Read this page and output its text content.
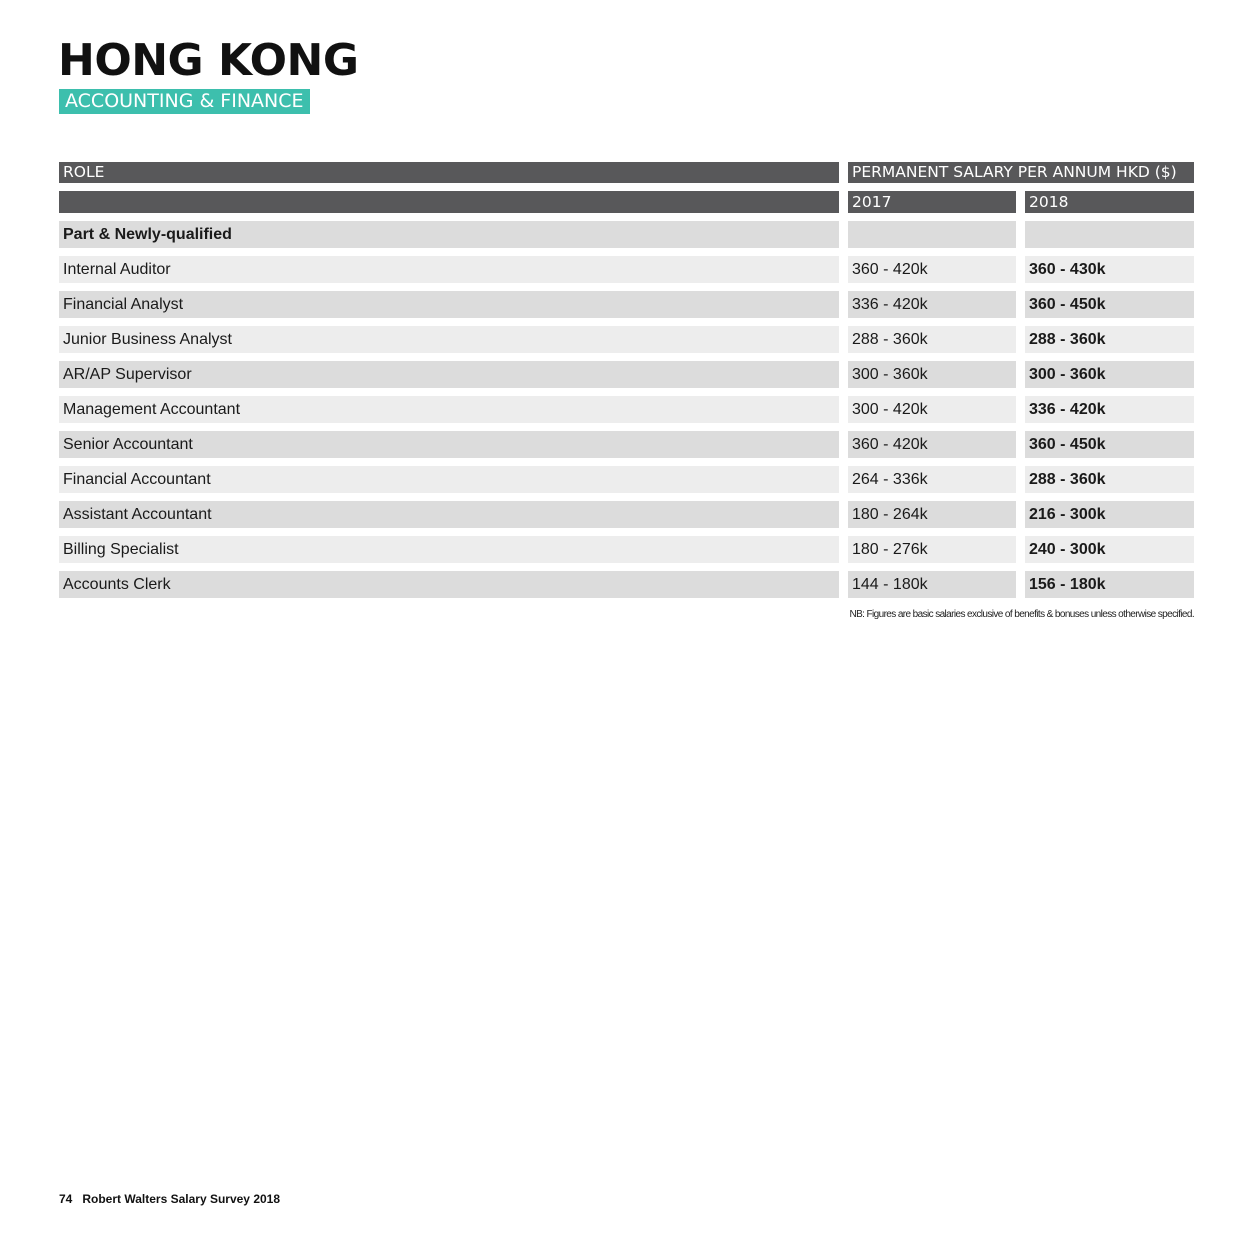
HONG KONG
ACCOUNTING & FINANCE
ROLE	PERMANENT SALARY PER ANNUM HKD ($)
2017	2018
Part & Newly-qualified
Internal Auditor	360 - 420k	360 - 430k
Financial Analyst	336 - 420k	360 - 450k
Junior Business Analyst	288 - 360k	288 - 360k
AR/AP Supervisor	300 - 360k	300 - 360k
Management Accountant	300 - 420k	336 - 420k
Senior Accountant	360 - 420k	360 - 450k
Financial Accountant	264 - 336k	288 - 360k
Assistant Accountant	180 - 264k	216 - 300k
Billing Specialist	180 - 276k	240 - 300k
Accounts Clerk	144 - 180k	156 - 180k
NB: Figures are basic salaries exclusive of benefits & bonuses unless otherwise specified.
74 Robert Walters Salary Survey 2018
